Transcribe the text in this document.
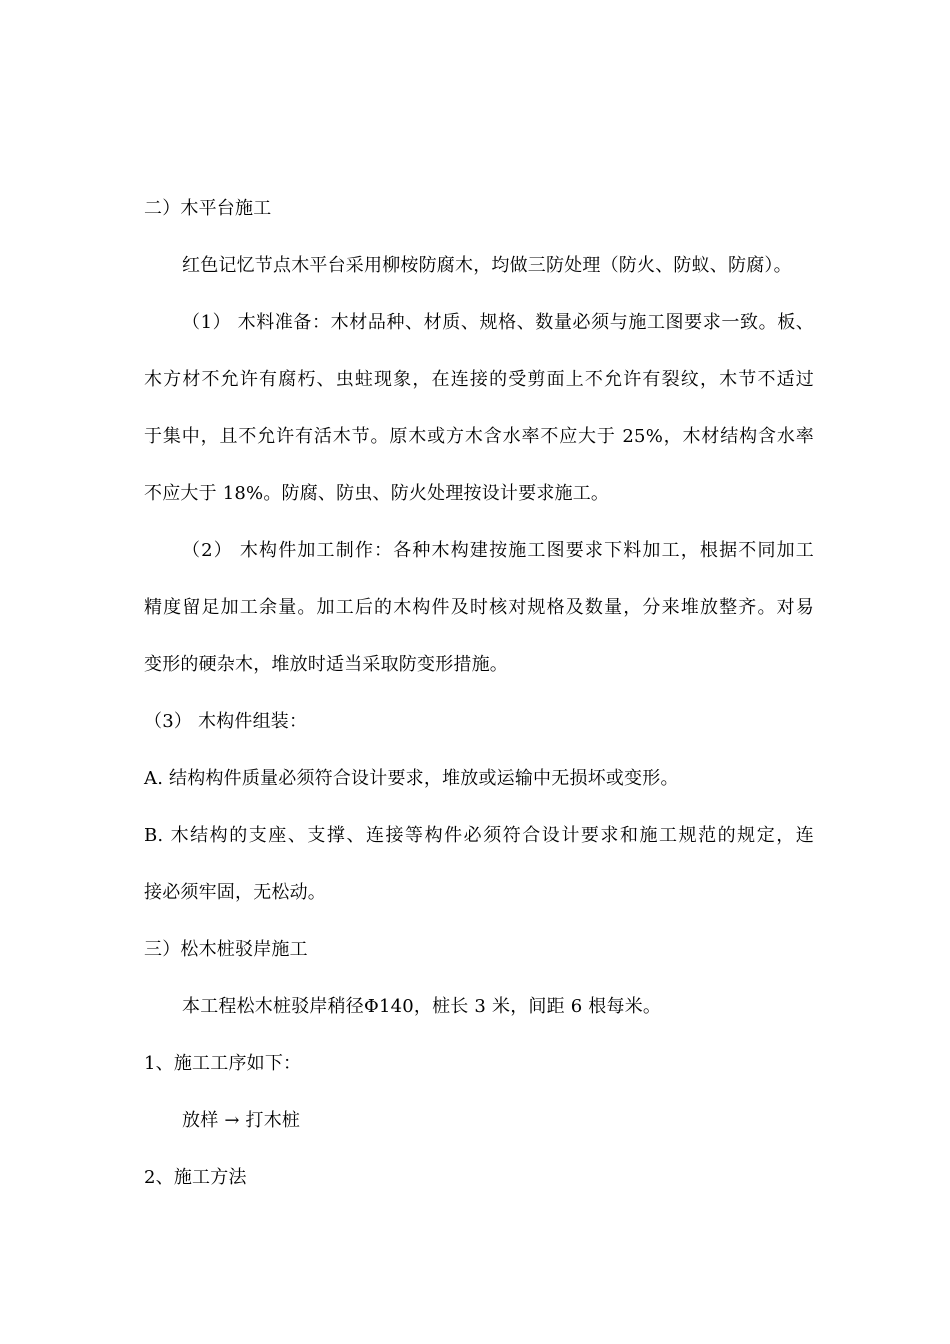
二）木平台施工
红色记忆节点木平台采用柳桉防腐木，均做三防处理（防火、防蚁、防腐）。
（1） 木料准备：木材品种、材质、规格、数量必须与施工图要求一致。板、
木方材不允许有腐朽、虫蛀现象，在连接的受剪面上不允许有裂纹，木节不适过
于集中，且不允许有活木节。原木或方木含水率不应大于 25%，木材结构含水率
不应大于 18%。防腐、防虫、防火处理按设计要求施工。
（2） 木构件加工制作：各种木构建按施工图要求下料加工，根据不同加工
精度留足加工余量。加工后的木构件及时核对规格及数量，分来堆放整齐。对易
变形的硬杂木，堆放时适当采取防变形措施。
（3） 木构件组装：
A. 结构构件质量必须符合设计要求，堆放或运输中无损坏或变形。
B. 木结构的支座、支撑、连接等构件必须符合设计要求和施工规范的规定，连
接必须牢固，无松动。
三）松木桩驳岸施工
本工程松木桩驳岸稍径Φ140，桩长 3 米，间距 6 根每米。
1、施工工序如下：
放样 → 打木桩
2、施工方法
